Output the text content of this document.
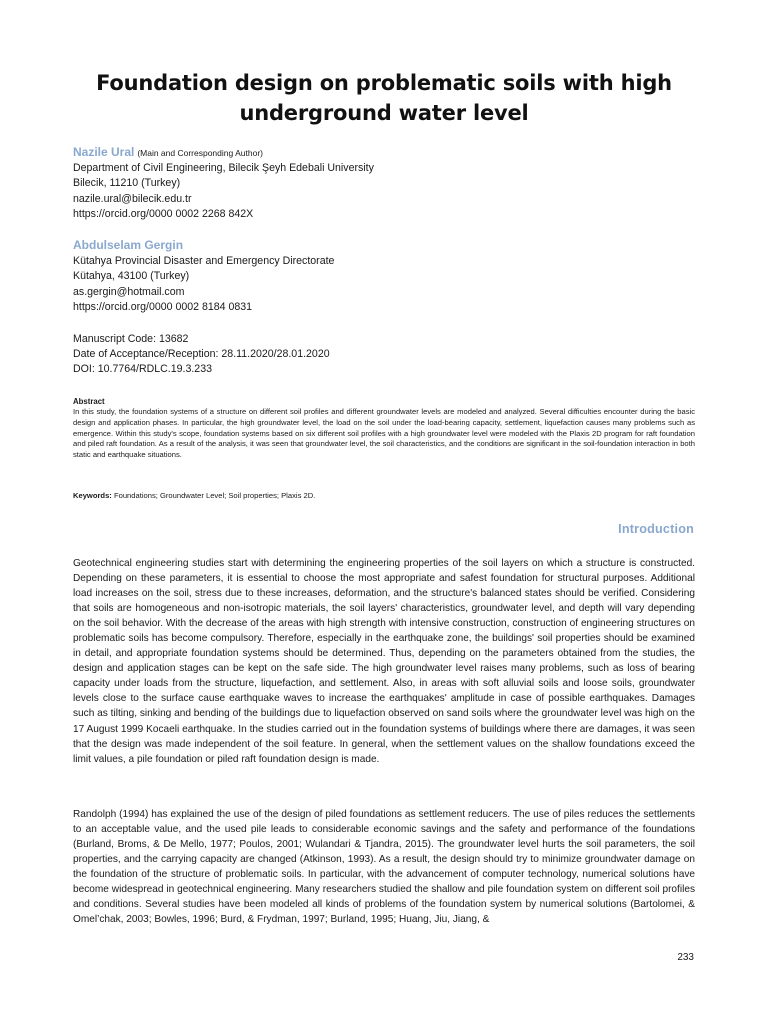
Foundation design on problematic soils with high
underground water level
Nazile Ural (Main and Corresponding Author)
Department of Civil Engineering, Bilecik Şeyh Edebali University
Bilecik, 11210 (Turkey)
nazile.ural@bilecik.edu.tr
https://orcid.org/0000 0002 2268 842X
Abdulselam Gergin
Kütahya Provincial Disaster and Emergency Directorate
Kütahya, 43100 (Turkey)
as.gergin@hotmail.com
https://orcid.org/0000 0002 8184 0831
Manuscript Code: 13682
Date of Acceptance/Reception: 28.11.2020/28.01.2020
DOI: 10.7764/RDLC.19.3.233
Abstract
In this study, the foundation systems of a structure on different soil profiles and different groundwater levels are modeled and analyzed. Several difficulties encounter during the basic design and application phases. In particular, the high groundwater level, the load on the soil under the load-bearing capacity, settlement, liquefaction causes many problems such as emergence. Within this study's scope, foundation systems based on six different soil profiles with a high groundwater level were modeled with the Plaxis 2D program for raft foundation and piled raft foundation. As a result of the analysis, it was seen that groundwater level, the soil characteristics, and the conditions are significant in the soil-foundation interaction in both static and earthquake situations.
Keywords: Foundations; Groundwater Level; Soil properties; Plaxis 2D.
Introduction
Geotechnical engineering studies start with determining the engineering properties of the soil layers on which a structure is constructed. Depending on these parameters, it is essential to choose the most appropriate and safest foundation for structural purposes. Additional load increases on the soil, stress due to these increases, deformation, and the structure's balanced states should be verified. Considering that soils are homogeneous and non-isotropic materials, the soil layers' characteristics, groundwater level, and depth will vary depending on the soil behavior. With the decrease of the areas with high strength with intensive construction, construction of engineering structures on problematic soils has become compulsory. Therefore, especially in the earthquake zone, the buildings' soil properties should be examined in detail, and appropriate foundation systems should be determined. Thus, depending on the parameters obtained from the studies, the design and application stages can be kept on the safe side. The high groundwater level raises many problems, such as loss of bearing capacity under loads from the structure, liquefaction, and settlement. Also, in areas with soft alluvial soils and loose soils, groundwater levels close to the surface cause earthquake waves to increase the earthquakes' amplitude in case of possible earthquakes. Damages such as tilting, sinking and bending of the buildings due to liquefaction observed on sand soils where the groundwater level was high on the 17 August 1999 Kocaeli earthquake. In the studies carried out in the foundation systems of buildings where there are damages, it was seen that the design was made independent of the soil feature. In general, when the settlement values on the shallow foundations exceed the limit values, a pile foundation or piled raft foundation design is made.
Randolph (1994) has explained the use of the design of piled foundations as settlement reducers. The use of piles reduces the settlements to an acceptable value, and the used pile leads to considerable economic savings and the safety and performance of the foundations (Burland, Broms, & De Mello, 1977; Poulos, 2001; Wulandari & Tjandra, 2015). The groundwater level hurts the soil parameters, the soil properties, and the carrying capacity are changed (Atkinson, 1993). As a result, the design should try to minimize groundwater damage on the foundation of the structure of problematic soils. In particular, with the advancement of computer technology, numerical solutions have become widespread in geotechnical engineering. Many researchers studied the shallow and pile foundation system on different soil profiles and conditions. Several studies have been modeled all kinds of problems of the foundation system by numerical solutions (Bartolomei, & Omel’chak, 2003; Bowles, 1996; Burd, & Frydman, 1997; Burland, 1995; Huang, Jiu, Jiang, &
233
